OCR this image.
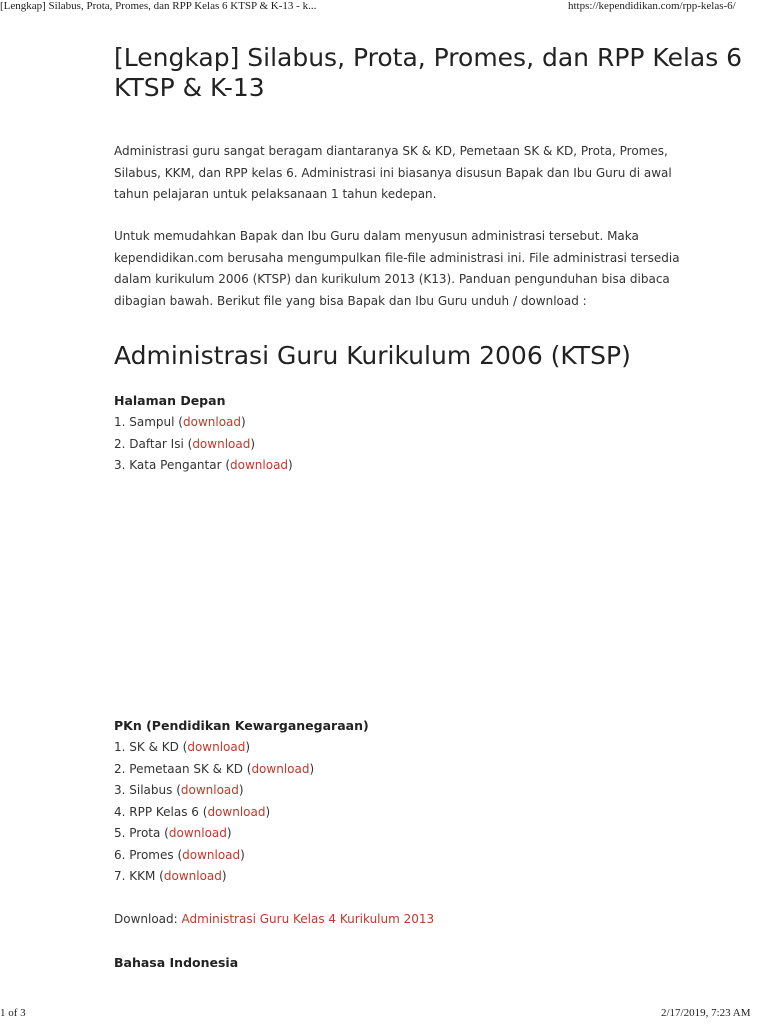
[Lengkap] Silabus, Prota, Promes, dan RPP Kelas 6 KTSP & K-13 - k...	https://kependidikan.com/rpp-kelas-6/
[Lengkap] Silabus, Prota, Promes, dan RPP Kelas 6
KTSP & K-13

Administrasi guru sangat beragam diantaranya SK & KD, Pemetaan SK & KD, Prota, Promes,
Silabus, KKM, dan RPP kelas 6. Administrasi ini biasanya disusun Bapak dan Ibu Guru di awal
tahun pelajaran untuk pelaksanaan 1 tahun kedepan.

Untuk memudahkan Bapak dan Ibu Guru dalam menyusun administrasi tersebut. Maka
kependidikan.com berusaha mengumpulkan file-file administrasi ini. File administrasi tersedia
dalam kurikulum 2006 (KTSP) dan kurikulum 2013 (K13). Panduan pengunduhan bisa dibaca
dibagian bawah. Berikut file yang bisa Bapak dan Ibu Guru unduh / download :

Administrasi Guru Kurikulum 2006 (KTSP)
Halaman Depan
1. Sampul (download)
2. Daftar Isi (download)
3. Kata Pengantar (download)
PKn (Pendidikan Kewarganegaraan)
1. SK & KD (download)
2. Pemetaan SK & KD (download)
3. Silabus (download)
4. RPP Kelas 6 (download)
5. Prota (download)
6. Promes (download)
7. KKM (download)

Download: Administrasi Guru Kelas 4 Kurikulum 2013

Bahasa Indonesia
1 of 3	2/17/2019, 7:23 AM
